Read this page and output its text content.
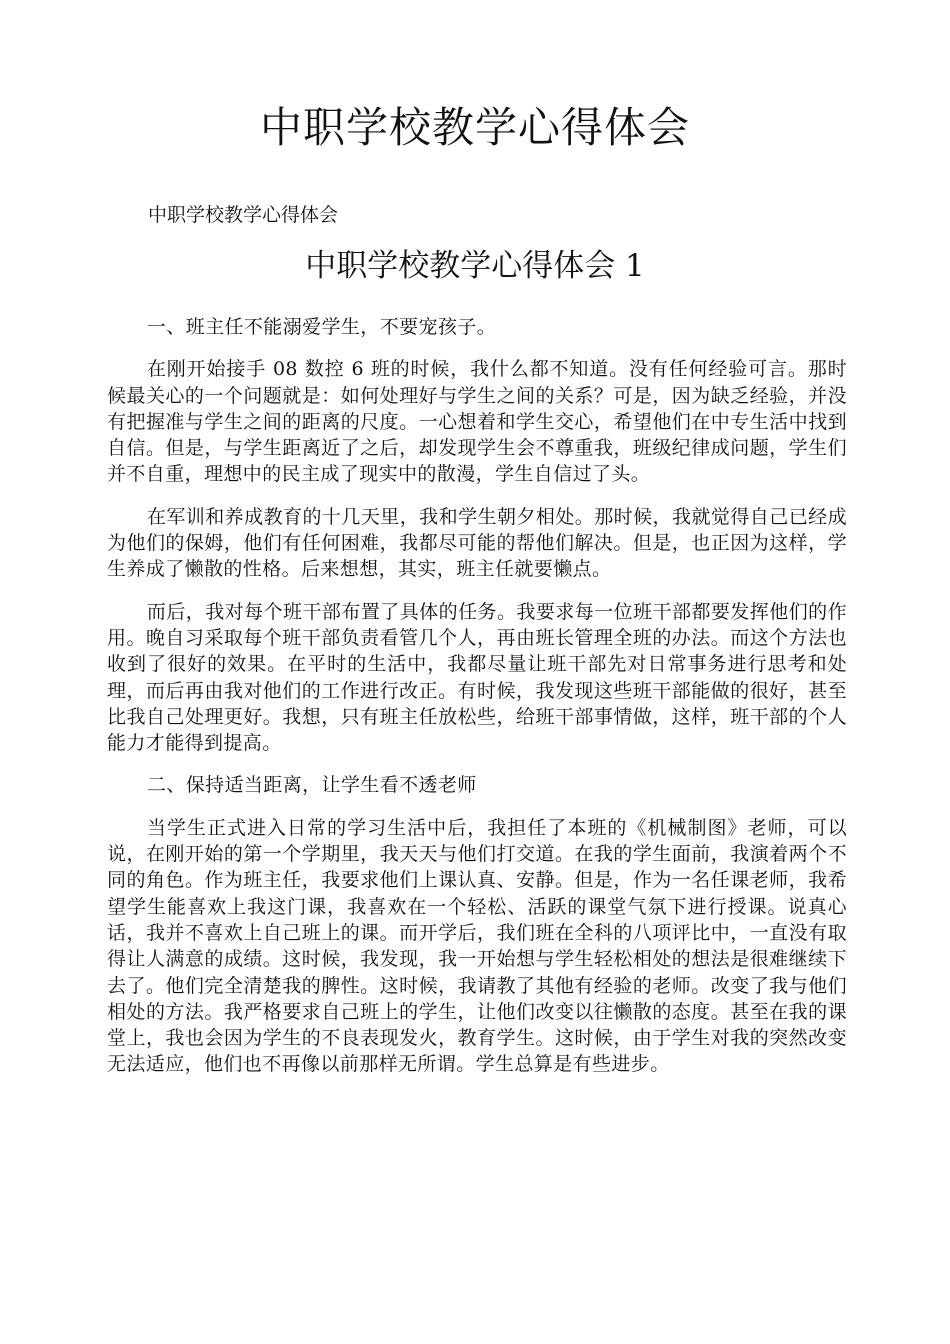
中职学校教学心得体会

中职学校教学心得体会

中职学校教学心得体会 1

一、班主任不能溺爱学生，不要宠孩子。

在刚开始接手 08 数控 6 班的时候，我什么都不知道。没有任何经验可言。那时候最关心的一个问题就是：如何处理好与学生之间的关系？可是，因为缺乏经验，并没有把握准与学生之间的距离的尺度。一心想着和学生交心，希望他们在中专生活中找到自信。但是，与学生距离近了之后，却发现学生会不尊重我，班级纪律成问题，学生们并不自重，理想中的民主成了现实中的散漫，学生自信过了头。

在军训和养成教育的十几天里，我和学生朝夕相处。那时候，我就觉得自己已经成为他们的保姆，他们有任何困难，我都尽可能的帮他们解决。但是，也正因为这样，学生养成了懒散的性格。后来想想，其实，班主任就要懒点。

而后，我对每个班干部布置了具体的任务。我要求每一位班干部都要发挥他们的作用。晚自习采取每个班干部负责看管几个人，再由班长管理全班的办法。而这个方法也收到了很好的效果。在平时的生活中，我都尽量让班干部先对日常事务进行思考和处理，而后再由我对他们的工作进行改正。有时候，我发现这些班干部能做的很好，甚至比我自己处理更好。我想，只有班主任放松些，给班干部事情做，这样，班干部的个人能力才能得到提高。

二、保持适当距离，让学生看不透老师

当学生正式进入日常的学习生活中后，我担任了本班的《机械制图》老师，可以说，在刚开始的第一个学期里，我天天与他们打交道。在我的学生面前，我演着两个不同的角色。作为班主任，我要求他们上课认真、安静。但是，作为一名任课老师，我希望学生能喜欢上我这门课，我喜欢在一个轻松、活跃的课堂气氛下进行授课。说真心话，我并不喜欢上自己班上的课。而开学后，我们班在全科的八项评比中，一直没有取得让人满意的成绩。这时候，我发现，我一开始想与学生轻松相处的想法是很难继续下去了。他们完全清楚我的脾性。这时候，我请教了其他有经验的老师。改变了我与他们相处的方法。我严格要求自己班上的学生，让他们改变以往懒散的态度。甚至在我的课堂上，我也会因为学生的不良表现发火，教育学生。这时候，由于学生对我的突然改变无法适应，他们也不再像以前那样无所谓。学生总算是有些进步。
